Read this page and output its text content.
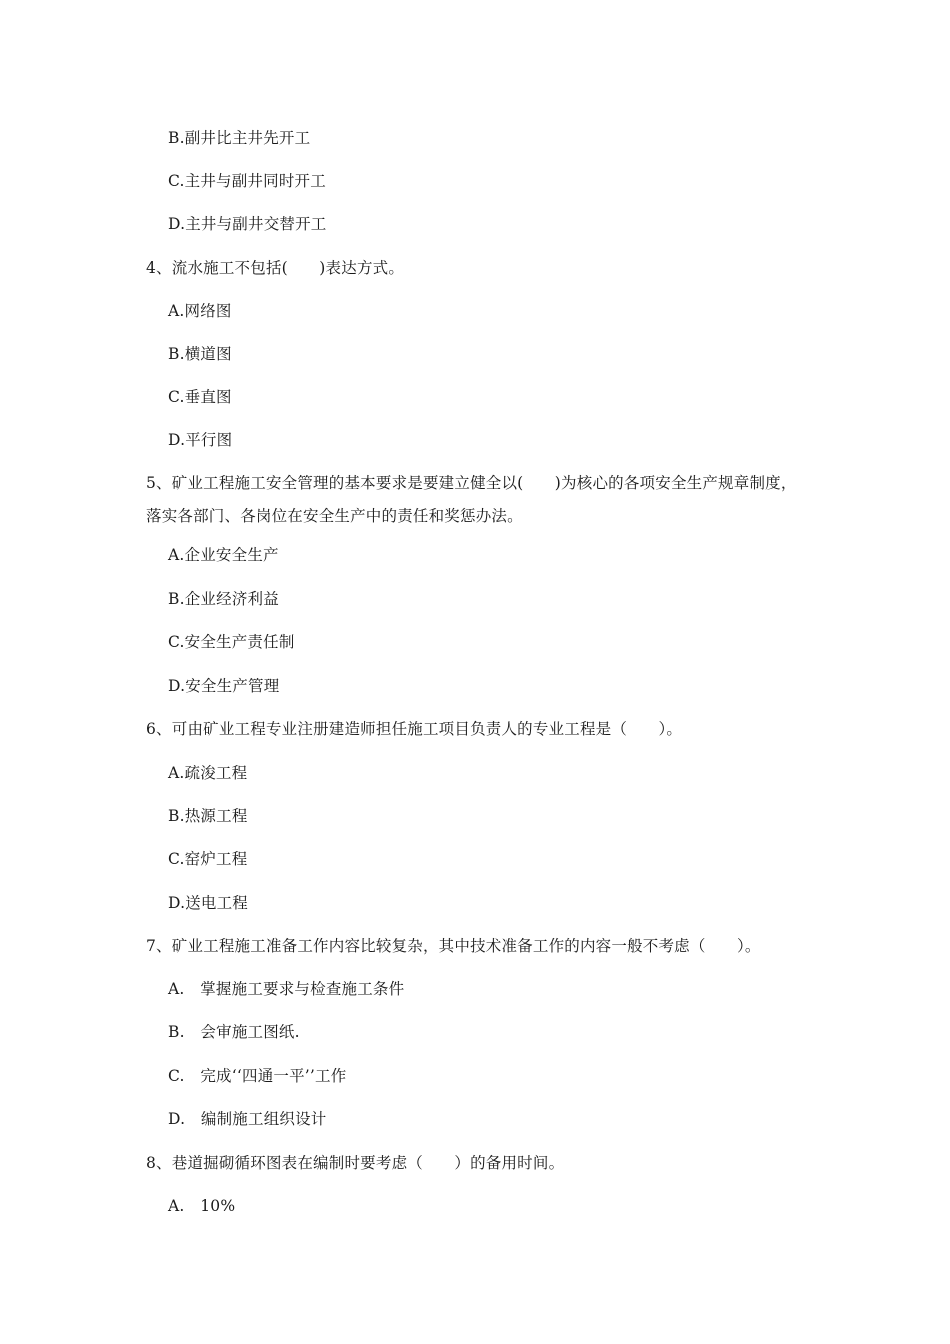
B.副井比主井先开工
C.主井与副井同时开工
D.主井与副井交替开工
4、流水施工不包括(　　)表达方式。
A.网络图
B.横道图
C.垂直图
D.平行图
5、矿业工程施工安全管理的基本要求是要建立健全以(　　)为核心的各项安全生产规章制度，落实各部门、各岗位在安全生产中的责任和奖惩办法。
A.企业安全生产
B.企业经济利益
C.安全生产责任制
D.安全生产管理
6、可由矿业工程专业注册建造师担任施工项目负责人的专业工程是（　　）。
A.疏浚工程
B.热源工程
C.窑炉工程
D.送电工程
7、矿业工程施工准备工作内容比较复杂，其中技术准备工作的内容一般不考虑（　　）。
A.　掌握施工要求与检查施工条件
B.　会审施工图纸.
C.　完成‘‘四通一平’’工作
D.　编制施工组织设计
8、巷道掘砌循环图表在编制时要考虑（　　）的备用时间。
A.　10%
